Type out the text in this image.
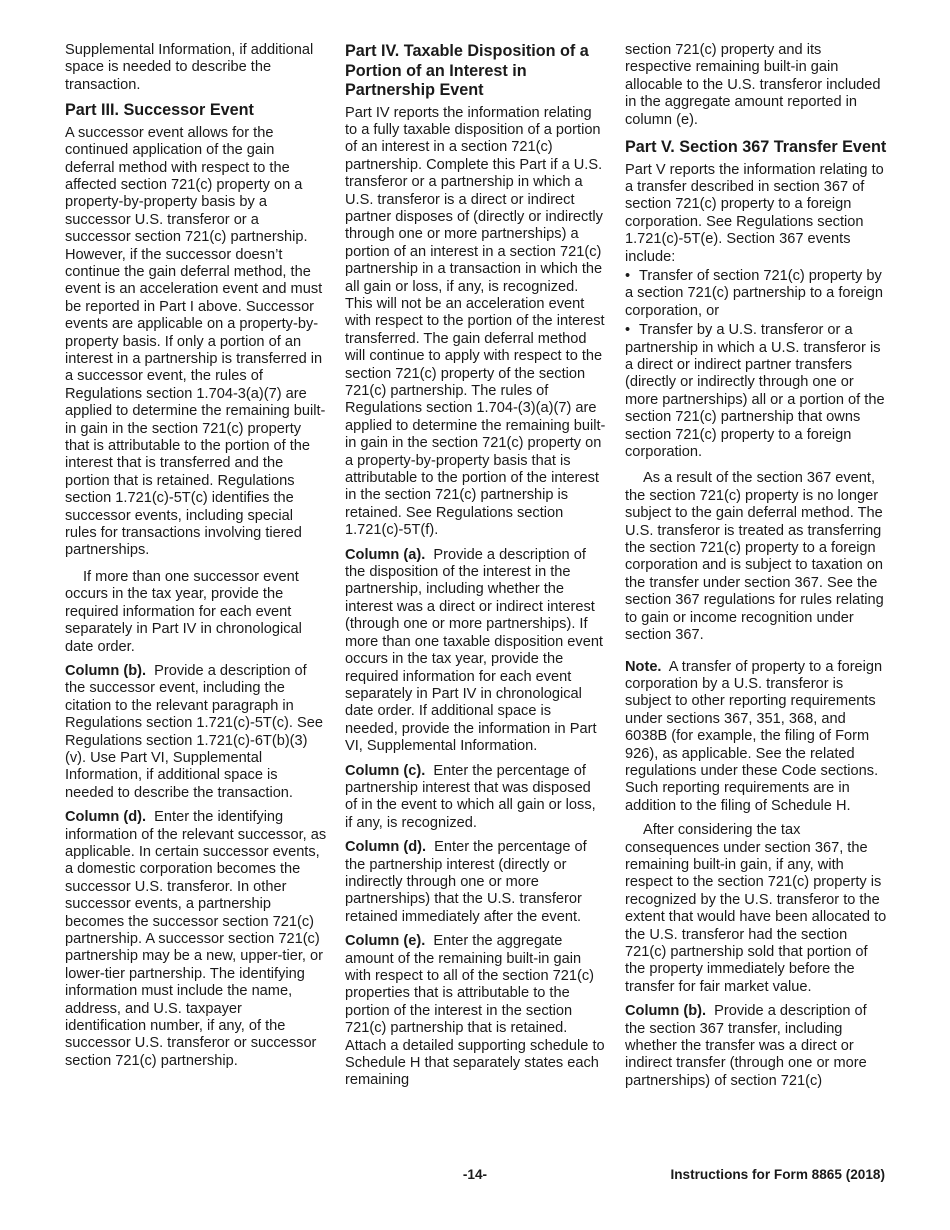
Supplemental Information, if additional space is needed to describe the transaction.

Part III. Successor Event

A successor event allows for the continued application of the gain deferral method with respect to the affected section 721(c) property on a property-by-property basis by a successor U.S. transferor or a successor section 721(c) partnership. However, if the successor doesn’t continue the gain deferral method, the event is an acceleration event and must be reported in Part I above. Successor events are applicable on a property-by-property basis. If only a portion of an interest in a partnership is transferred in a successor event, the rules of Regulations section 1.704-3(a)(7) are applied to determine the remaining built-in gain in the section 721(c) property that is attributable to the portion of the interest that is transferred and the portion that is retained. Regulations section 1.721(c)-5T(c) identifies the successor events, including special rules for transactions involving tiered partnerships.

If more than one successor event occurs in the tax year, provide the required information for each event separately in Part IV in chronological date order.

Column (b). Provide a description of the successor event, including the citation to the relevant paragraph in Regulations section 1.721(c)-5T(c). See Regulations section 1.721(c)-6T(b)(3)(v). Use Part VI, Supplemental Information, if additional space is needed to describe the transaction.

Column (d). Enter the identifying information of the relevant successor, as applicable. In certain successor events, a domestic corporation becomes the successor U.S. transferor. In other successor events, a partnership becomes the successor section 721(c) partnership. A successor section 721(c) partnership may be a new, upper-tier, or lower-tier partnership. The identifying information must include the name, address, and U.S. taxpayer identification number, if any, of the successor U.S. transferor or successor section 721(c) partnership.

Part IV. Taxable Disposition of a Portion of an Interest in Partnership Event

Part IV reports the information relating to a fully taxable disposition of a portion of an interest in a section 721(c) partnership. Complete this Part if a U.S. transferor or a partnership in which a U.S. transferor is a direct or indirect partner disposes of (directly or indirectly through one or more partnerships) a portion of an interest in a section 721(c) partnership in a transaction in which the all gain or loss, if any, is recognized. This will not be an acceleration event with respect to the portion of the interest transferred. The gain deferral method will continue to apply with respect to the section 721(c) property of the section 721(c) partnership. The rules of Regulations section 1.704-(3)(a)(7) are applied to determine the remaining built-in gain in the section 721(c) property on a property-by-property basis that is attributable to the portion of the interest in the section 721(c) partnership is retained. See Regulations section 1.721(c)-5T(f).

Column (a). Provide a description of the disposition of the interest in the partnership, including whether the interest was a direct or indirect interest (through one or more partnerships). If more than one taxable disposition event occurs in the tax year, provide the required information for each event separately in Part IV in chronological date order. If additional space is needed, provide the information in Part VI, Supplemental Information.

Column (c). Enter the percentage of partnership interest that was disposed of in the event to which all gain or loss, if any, is recognized.

Column (d). Enter the percentage of the partnership interest (directly or indirectly through one or more partnerships) that the U.S. transferor retained immediately after the event.

Column (e). Enter the aggregate amount of the remaining built-in gain with respect to all of the section 721(c) properties that is attributable to the portion of the interest in the section 721(c) partnership that is retained. Attach a detailed supporting schedule to Schedule H that separately states each remaining

section 721(c) property and its respective remaining built-in gain allocable to the U.S. transferor included in the aggregate amount reported in column (e).

Part V. Section 367 Transfer Event

Part V reports the information relating to a transfer described in section 367 of section 721(c) property to a foreign corporation. See Regulations section 1.721(c)-5T(e). Section 367 events include:

• Transfer of section 721(c) property by a section 721(c) partnership to a foreign corporation, or

• Transfer by a U.S. transferor or a partnership in which a U.S. transferor is a direct or indirect partner transfers (directly or indirectly through one or more partnerships) all or a portion of the section 721(c) partnership that owns section 721(c) property to a foreign corporation.

As a result of the section 367 event, the section 721(c) property is no longer subject to the gain deferral method. The U.S. transferor is treated as transferring the section 721(c) property to a foreign corporation and is subject to taxation on the transfer under section 367. See the section 367 regulations for rules relating to gain or income recognition under section 367.

Note. A transfer of property to a foreign corporation by a U.S. transferor is subject to other reporting requirements under sections 367, 351, 368, and 6038B (for example, the filing of Form 926), as applicable. See the related regulations under these Code sections. Such reporting requirements are in addition to the filing of Schedule H.

After considering the tax consequences under section 367, the remaining built-in gain, if any, with respect to the section 721(c) property is recognized by the U.S. transferor to the extent that would have been allocated to the U.S. transferor had the section 721(c) partnership sold that portion of the property immediately before the transfer for fair market value.

Column (b). Provide a description of the section 367 transfer, including whether the transfer was a direct or indirect transfer (through one or more partnerships) of section 721(c)

-14-	Instructions for Form 8865 (2018)
